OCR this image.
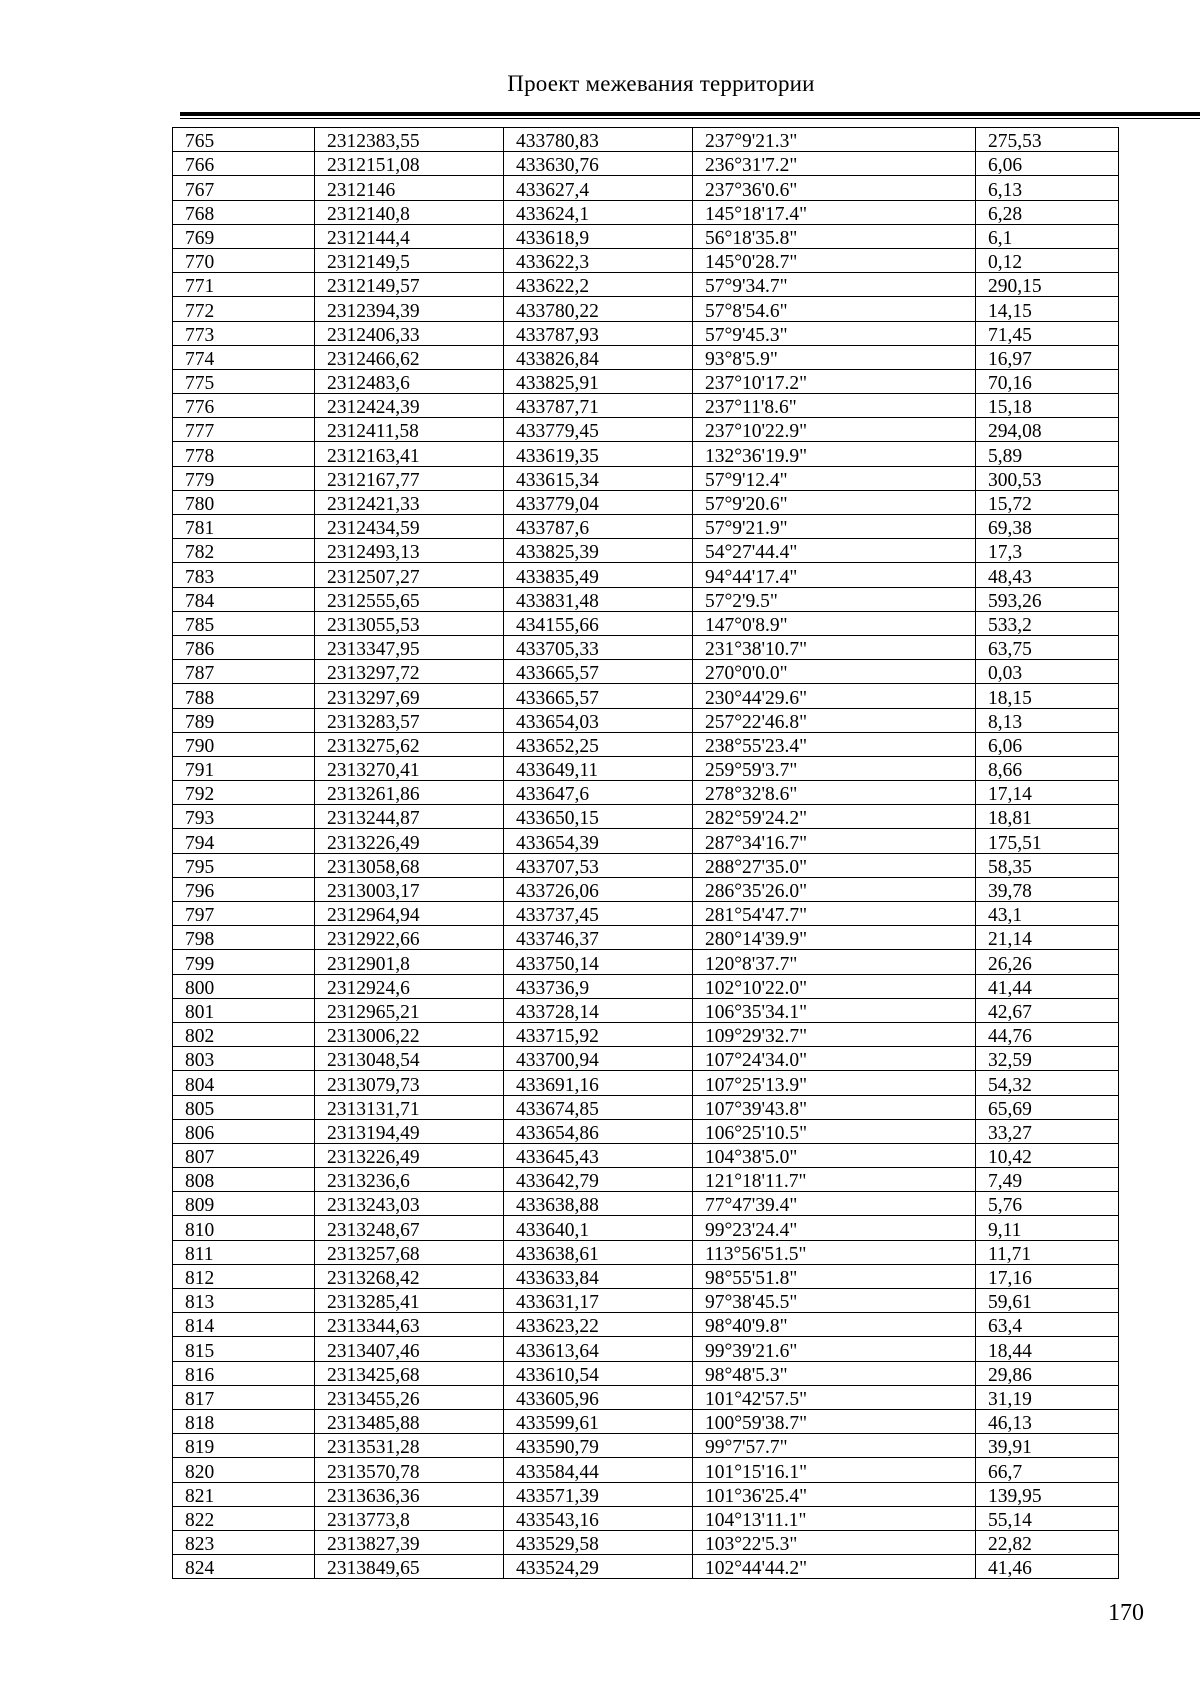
Проект межевания территории
765	2312383,55	433780,83	237°9'21.3"	275,53
766	2312151,08	433630,76	236°31'7.2"	6,06
767	2312146	433627,4	237°36'0.6"	6,13
768	2312140,8	433624,1	145°18'17.4"	6,28
769	2312144,4	433618,9	56°18'35.8"	6,1
770	2312149,5	433622,3	145°0'28.7"	0,12
771	2312149,57	433622,2	57°9'34.7"	290,15
772	2312394,39	433780,22	57°8'54.6"	14,15
773	2312406,33	433787,93	57°9'45.3"	71,45
774	2312466,62	433826,84	93°8'5.9"	16,97
775	2312483,6	433825,91	237°10'17.2"	70,16
776	2312424,39	433787,71	237°11'8.6"	15,18
777	2312411,58	433779,45	237°10'22.9"	294,08
778	2312163,41	433619,35	132°36'19.9"	5,89
779	2312167,77	433615,34	57°9'12.4"	300,53
780	2312421,33	433779,04	57°9'20.6"	15,72
781	2312434,59	433787,6	57°9'21.9"	69,38
782	2312493,13	433825,39	54°27'44.4"	17,3
783	2312507,27	433835,49	94°44'17.4"	48,43
784	2312555,65	433831,48	57°2'9.5"	593,26
785	2313055,53	434155,66	147°0'8.9"	533,2
786	2313347,95	433705,33	231°38'10.7"	63,75
787	2313297,72	433665,57	270°0'0.0"	0,03
788	2313297,69	433665,57	230°44'29.6"	18,15
789	2313283,57	433654,03	257°22'46.8"	8,13
790	2313275,62	433652,25	238°55'23.4"	6,06
791	2313270,41	433649,11	259°59'3.7"	8,66
792	2313261,86	433647,6	278°32'8.6"	17,14
793	2313244,87	433650,15	282°59'24.2"	18,81
794	2313226,49	433654,39	287°34'16.7"	175,51
795	2313058,68	433707,53	288°27'35.0"	58,35
796	2313003,17	433726,06	286°35'26.0"	39,78
797	2312964,94	433737,45	281°54'47.7"	43,1
798	2312922,66	433746,37	280°14'39.9"	21,14
799	2312901,8	433750,14	120°8'37.7"	26,26
800	2312924,6	433736,9	102°10'22.0"	41,44
801	2312965,21	433728,14	106°35'34.1"	42,67
802	2313006,22	433715,92	109°29'32.7"	44,76
803	2313048,54	433700,94	107°24'34.0"	32,59
804	2313079,73	433691,16	107°25'13.9"	54,32
805	2313131,71	433674,85	107°39'43.8"	65,69
806	2313194,49	433654,86	106°25'10.5"	33,27
807	2313226,49	433645,43	104°38'5.0"	10,42
808	2313236,6	433642,79	121°18'11.7"	7,49
809	2313243,03	433638,88	77°47'39.4"	5,76
810	2313248,67	433640,1	99°23'24.4"	9,11
811	2313257,68	433638,61	113°56'51.5"	11,71
812	2313268,42	433633,84	98°55'51.8"	17,16
813	2313285,41	433631,17	97°38'45.5"	59,61
814	2313344,63	433623,22	98°40'9.8"	63,4
815	2313407,46	433613,64	99°39'21.6"	18,44
816	2313425,68	433610,54	98°48'5.3"	29,86
817	2313455,26	433605,96	101°42'57.5"	31,19
818	2313485,88	433599,61	100°59'38.7"	46,13
819	2313531,28	433590,79	99°7'57.7"	39,91
820	2313570,78	433584,44	101°15'16.1"	66,7
821	2313636,36	433571,39	101°36'25.4"	139,95
822	2313773,8	433543,16	104°13'11.1"	55,14
823	2313827,39	433529,58	103°22'5.3"	22,82
824	2313849,65	433524,29	102°44'44.2"	41,46
170
